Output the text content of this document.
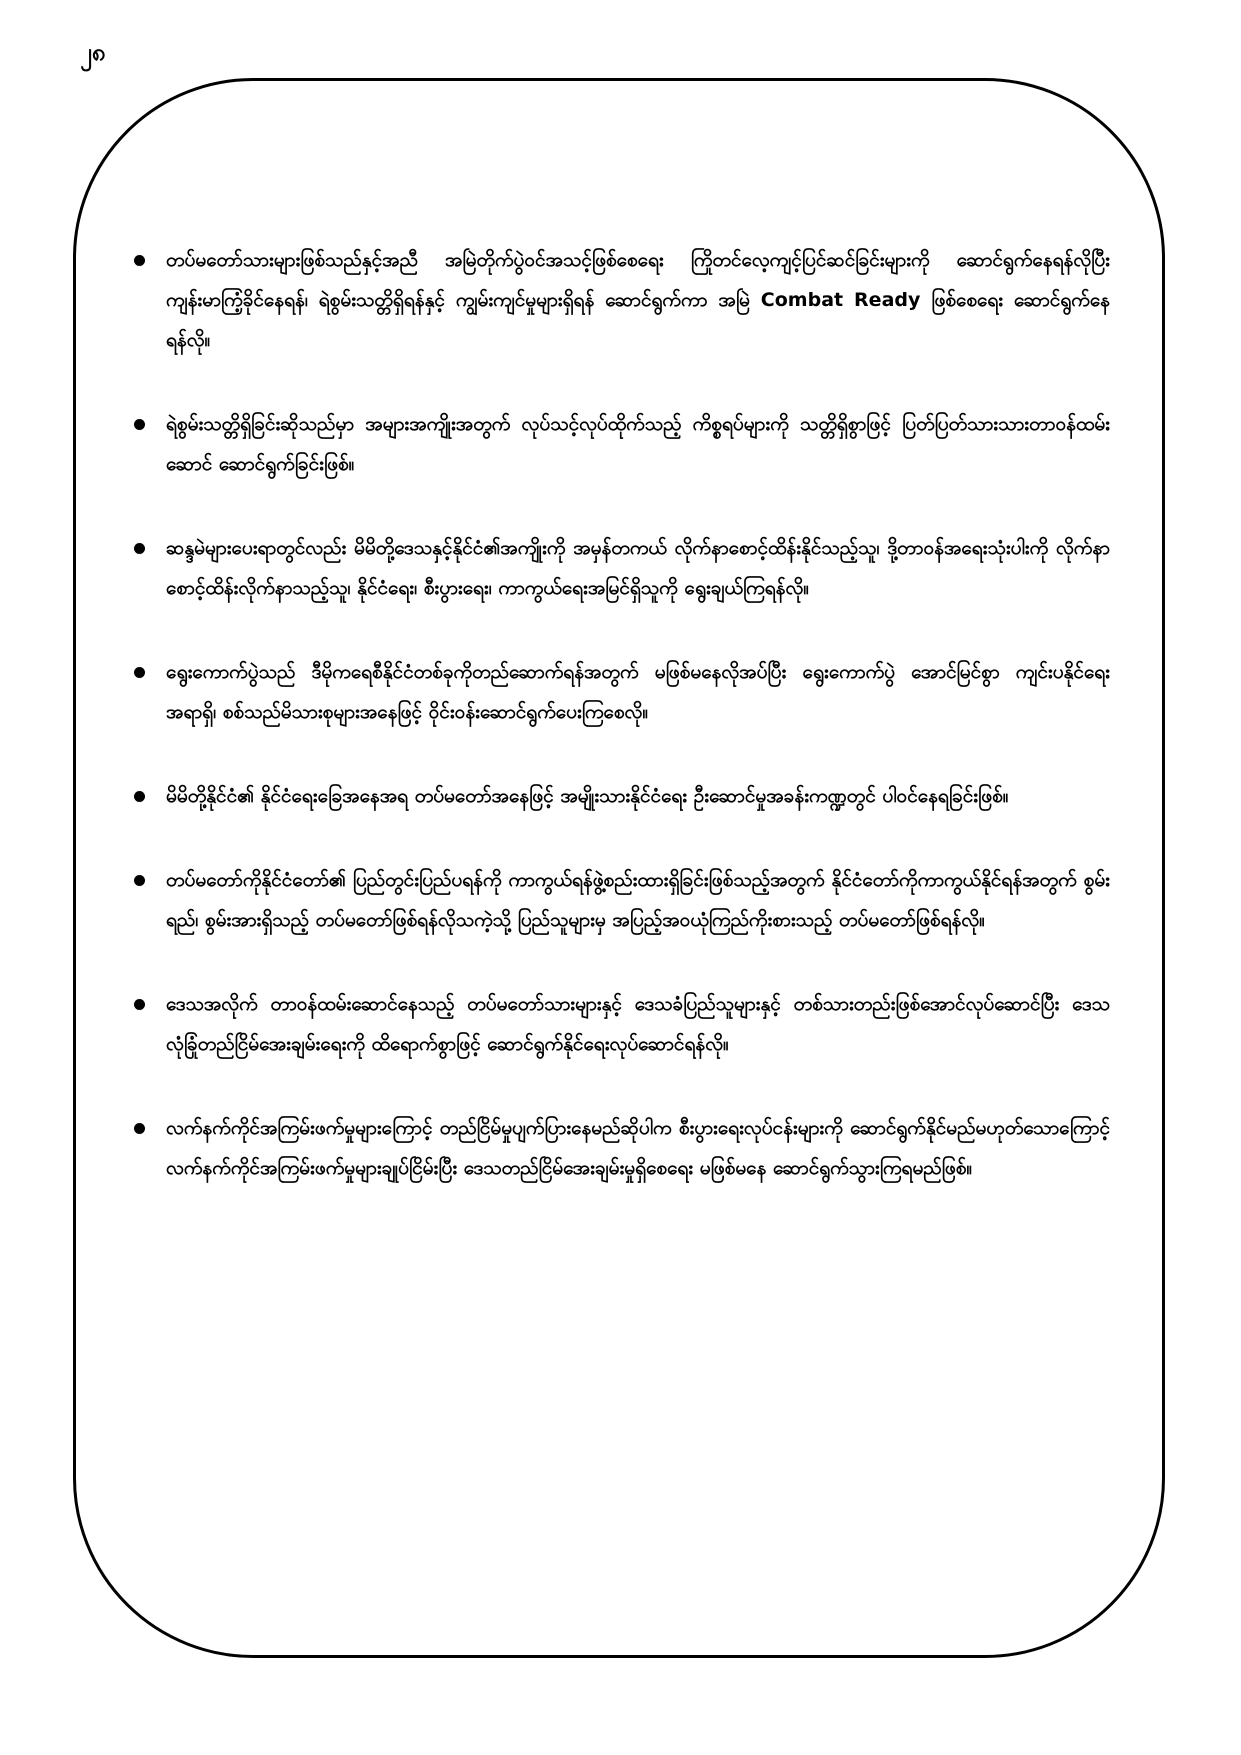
၂၈
တပ်မတော်သားများဖြစ်သည်နှင့်အညီ အမြဲတိုက်ပွဲဝင်အသင့်ဖြစ်စေရေး ကြိုတင်လေ့ကျင့်ပြင်ဆင်ခြင်းများကို ဆောင်ရွက်နေရန်လိုပြီး ကျန်းမာကြံ့ခိုင်နေရန်၊ ရဲစွမ်းသတ္တိရှိရန်နှင့် ကျွမ်းကျင်မှုများရှိရန် ဆောင်ရွက်ကာ အမြဲ Combat Ready ဖြစ်စေရေး ဆောင်ရွက်နေရန်လို။
ရဲစွမ်းသတ္တိရှိခြင်းဆိုသည်မှာ အများအကျိုးအတွက် လုပ်သင့်လုပ်ထိုက်သည့် ကိစ္စရပ်များကို သတ္တိရှိစွာဖြင့် ပြတ်ပြတ်သားသားတာဝန်ထမ်းဆောင် ဆောင်ရွက်ခြင်းဖြစ်။
ဆန္ဒမဲများပေးရာတွင်လည်း မိမိတို့ဒေသနှင့်နိုင်ငံ၏အကျိုးကို အမှန်တကယ် လိုက်နာစောင့်ထိန်းနိုင်သည့်သူ၊ ဒို့တာဝန်အရေးသုံးပါးကို လိုက်နာစောင့်ထိန်းလိုက်နာသည့်သူ၊ နိုင်ငံရေး၊ စီးပွားရေး၊ ကာကွယ်ရေးအမြင်ရှိသူကို ရွေးချယ်ကြရန်လို။
ရွေးကောက်ပွဲသည် ဒီမိုကရေစီနိုင်ငံတစ်ခုကိုတည်ဆောက်ရန်အတွက် မဖြစ်မနေလိုအပ်ပြီး ရွေးကောက်ပွဲ အောင်မြင်စွာ ကျင်းပနိုင်ရေး အရာရှိ၊ စစ်သည်မိသားစုများအနေဖြင့် ဝိုင်းဝန်းဆောင်ရွက်ပေးကြစေလို။
မိမိတို့နိုင်ငံ၏ နိုင်ငံရေးခြေအနေအရ တပ်မတော်အနေဖြင့် အမျိုးသားနိုင်ငံရေး ဦးဆောင်မှုအခန်းကဏ္ဍတွင် ပါဝင်နေရခြင်းဖြစ်။
တပ်မတော်ကိုနိုင်ငံတော်၏ ပြည်တွင်းပြည်ပရန်ကို ကာကွယ်ရန်ဖွဲ့စည်းထားရှိခြင်းဖြစ်သည့်အတွက် နိုင်ငံတော်ကိုကာကွယ်နိုင်ရန်အတွက် စွမ်းရည်၊ စွမ်းအားရှိသည့် တပ်မတော်ဖြစ်ရန်လိုသကဲ့သို့ ပြည်သူများမှ အပြည့်အဝယုံကြည်ကိုးစားသည့် တပ်မတော်ဖြစ်ရန်လို။
ဒေသအလိုက် တာဝန်ထမ်းဆောင်နေသည့် တပ်မတော်သားများနှင့် ဒေသခံပြည်သူများနှင့် တစ်သားတည်းဖြစ်အောင်လုပ်ဆောင်ပြီး ဒေသလုံခြုံတည်ငြိမ်အေးချမ်းရေးကို ထိရောက်စွာဖြင့် ဆောင်ရွက်နိုင်ရေးလုပ်ဆောင်ရန်လို။
လက်နက်ကိုင်အကြမ်းဖက်မှုများကြောင့် တည်ငြိမ်မှုပျက်ပြားနေမည်ဆိုပါက စီးပွားရေးလုပ်ငန်းများကို ဆောင်ရွက်နိုင်မည်မဟုတ်သောကြောင့် လက်နက်ကိုင်အကြမ်းဖက်မှုများချုပ်ငြိမ်းပြီး ဒေသတည်ငြိမ်အေးချမ်းမှုရှိစေရေး မဖြစ်မနေ ဆောင်ရွက်သွားကြရမည်ဖြစ်။
